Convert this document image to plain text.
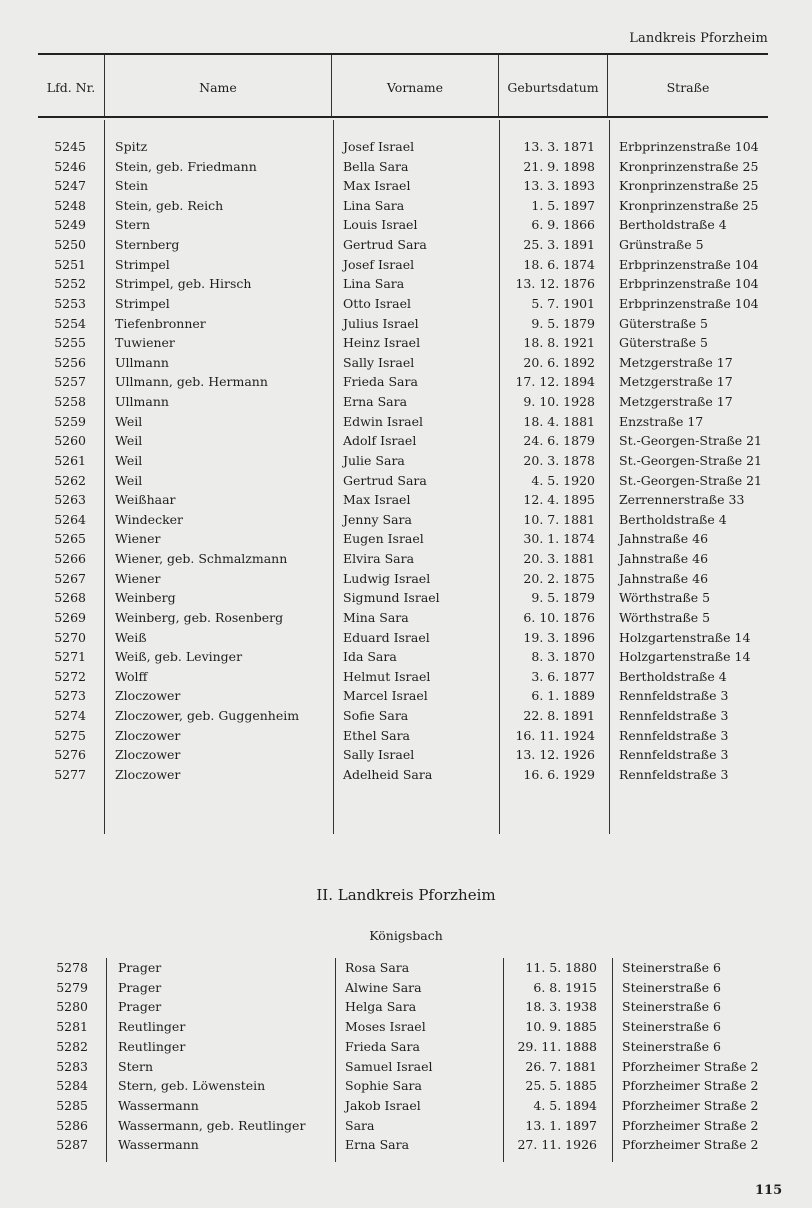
Landkreis Pforzheim
Lfd. Nr.	Name	Vorname	Geburtsdatum	Straße
5245 Spitz	Josef Israel	13. 3. 1871 Erbprinzenstraße 104
5246 Stein, geb. Friedmann	Bella Sara	21. 9. 1898 Kronprinzenstraße 25
5247 Stein	Max Israel	13. 3. 1893 Kronprinzenstraße 25
5248 Stein, geb. Reich	Lina Sara	1. 5. 1897 Kronprinzenstraße 25
5249 Stern	Louis Israel	6. 9. 1866 Bertholdstraße 4
5250 Sternberg	Gertrud Sara	25. 3. 1891 Grünstraße 5
5251 Strimpel	Josef Israel	18. 6. 1874 Erbprinzenstraße 104
5252 Strimpel, geb. Hirsch	Lina Sara	13. 12. 1876 Erbprinzenstraße 104
5253 Strimpel	Otto Israel	5. 7. 1901 Erbprinzenstraße 104
5254 Tiefenbronner	Julius Israel	9. 5. 1879 Güterstraße 5
5255 Tuwiener	Heinz Israel	18. 8. 1921 Güterstraße 5
5256 Ullmann	Sally Israel	20. 6. 1892 Metzgerstraße 17
5257 Ullmann, geb. Hermann	Frieda Sara	17. 12. 1894 Metzgerstraße 17
5258 Ullmann	Erna Sara	9. 10. 1928 Metzgerstraße 17
5259 Weil	Edwin Israel	18. 4. 1881 Enzstraße 17
5260 Weil	Adolf Israel	24. 6. 1879 St.-Georgen-Straße 21
5261 Weil	Julie Sara	20. 3. 1878 St.-Georgen-Straße 21
5262 Weil	Gertrud Sara	4. 5. 1920 St.-Georgen-Straße 21
5263 Weißhaar	Max Israel	12. 4. 1895 Zerrennerstraße 33
5264 Windecker	Jenny Sara	10. 7. 1881 Bertholdstraße 4
5265 Wiener	Eugen Israel	30. 1. 1874 Jahnstraße 46
5266 Wiener, geb. Schmalzmann	Elvira Sara	20. 3. 1881 Jahnstraße 46
5267 Wiener	Ludwig Israel	20. 2. 1875 Jahnstraße 46
5268 Weinberg	Sigmund Israel	9. 5. 1879 Wörthstraße 5
5269 Weinberg, geb. Rosenberg	Mina Sara	6. 10. 1876 Wörthstraße 5
5270 Weiß	Eduard Israel	19. 3. 1896 Holzgartenstraße 14
5271 Weiß, geb. Levinger	Ida Sara	8. 3. 1870 Holzgartenstraße 14
5272 Wolff	Helmut Israel	3. 6. 1877 Bertholdstraße 4
5273 Zloczower	Marcel Israel	6. 1. 1889 Rennfeldstraße 3
5274 Zloczower, geb. Guggenheim	Sofie Sara	22. 8. 1891 Rennfeldstraße 3
5275 Zloczower	Ethel Sara	16. 11. 1924 Rennfeldstraße 3
5276 Zloczower	Sally Israel	13. 12. 1926 Rennfeldstraße 3
5277 Zloczower	Adelheid Sara	16. 6. 1929 Rennfeldstraße 3
II. Landkreis Pforzheim
Königsbach
5278 Prager	Rosa Sara	11. 5. 1880 Steinerstraße 6
5279 Prager	Alwine Sara	6. 8. 1915 Steinerstraße 6
5280 Prager	Helga Sara	18. 3. 1938 Steinerstraße 6
5281 Reutlinger	Moses Israel	10. 9. 1885 Steinerstraße 6
5282 Reutlinger	Frieda Sara	29. 11. 1888 Steinerstraße 6
5283 Stern	Samuel Israel	26. 7. 1881 Pforzheimer Straße 2
5284 Stern, geb. Löwenstein	Sophie Sara	25. 5. 1885 Pforzheimer Straße 2
5285 Wassermann	Jakob Israel	4. 5. 1894 Pforzheimer Straße 2
5286 Wassermann, geb. Reutlinger	Sara	13. 1. 1897 Pforzheimer Straße 2
5287 Wassermann	Erna Sara	27. 11. 1926 Pforzheimer Straße 2
115
